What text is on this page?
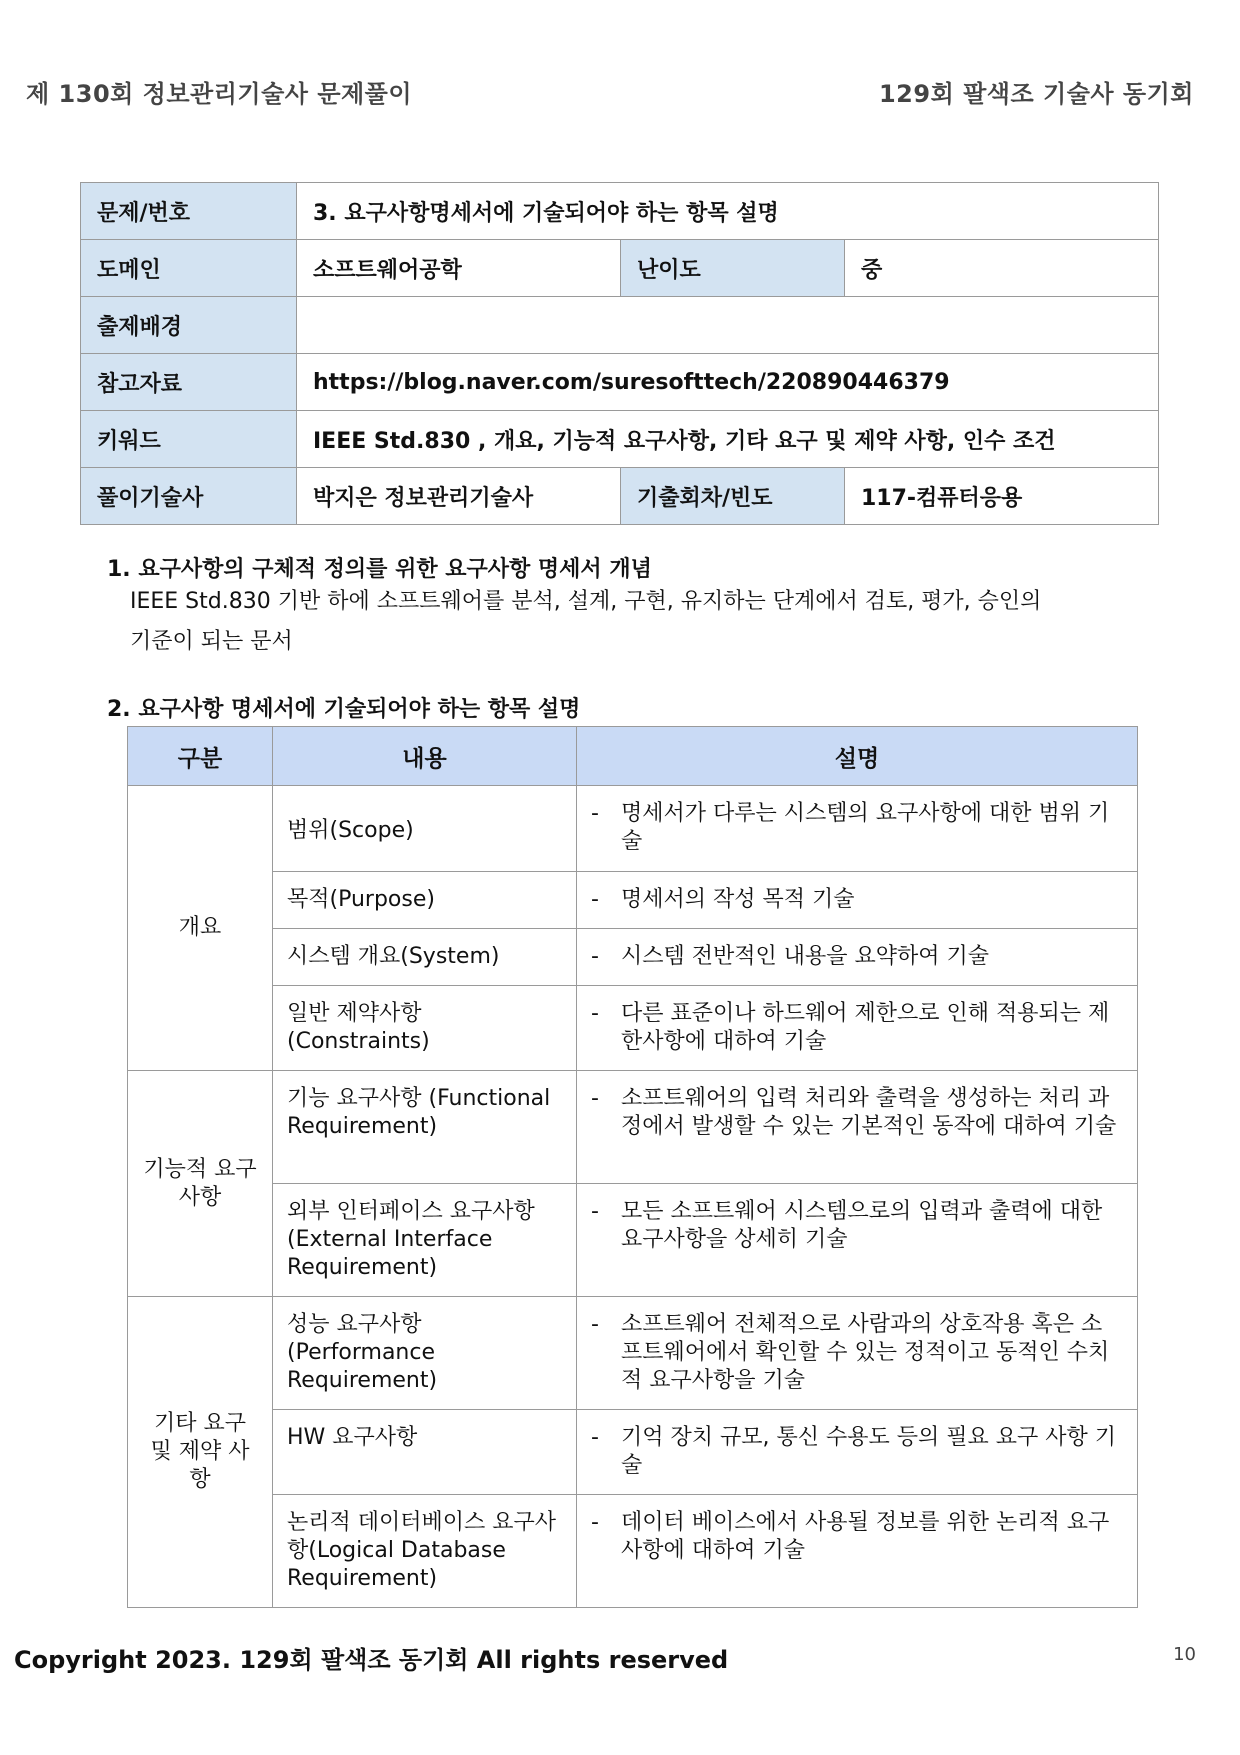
제 130회 정보관리기술사 문제풀이	129회 팔색조 기술사 동기회
문제/번호	3. 요구사항명세서에 기술되어야 하는 항목 설명		
도메인	소프트웨어공학	난이도	중
출제배경			
참고자료	https://blog.naver.com/suresofttech/220890446379		
키워드	IEEE Std.830 , 개요, 기능적 요구사항, 기타 요구 및 제약 사항, 인수 조건		
풀이기술사	박지은 정보관리기술사	기출회차/빈도	117-컴퓨터응용
1. 요구사항의 구체적 정의를 위한 요구사항 명세서 개념
IEEE Std.830 기반 하에 소프트웨어를 분석, 설계, 구현, 유지하는 단계에서 검토, 평가, 승인의
기준이 되는 문서
2. 요구사항 명세서에 기술되어야 하는 항목 설명
구분	내용	설명
개요	범위(Scope)	- 명세서가 다루는 시스템의 요구사항에 대한 범위 기술

	목적(Purpose)	- 명세서의 작성 목적 기술

	시스템 개요(System)	- 시스템 전반적인 내용을 요약하여 기술

	일반 제약사항 (Constraints)	- 다른 표준이나 하드웨어 제한으로 인해 적용되는 제한사항에 대하여 기술

기능적 요구사항	기능 요구사항 (Functional Requirement)	- 소프트웨어의 입력 처리와 출력을 생성하는 처리 과정에서 발생할 수 있는 기본적인 동작에 대하여 기술

	외부 인터페이스 요구사항 (External Interface Requirement)	- 모든 소프트웨어 시스템으로의 입력과 출력에 대한 요구사항을 상세히 기술

기타 요구 및 제약 사항	성능 요구사항 (Performance Requirement)	- 소프트웨어 전체적으로 사람과의 상호작용 혹은 소프트웨어에서 확인할 수 있는 정적이고 동적인 수치적 요구사항을 기술

	HW 요구사항	- 기억 장치 규모, 통신 수용도 등의 필요 요구 사항 기술

	논리적 데이터베이스 요구사항(Logical Database Requirement)	- 데이터 베이스에서 사용될 정보를 위한 논리적 요구사항에 대하여 기술
Copyright 2023. 129회 팔색조 동기회 All rights reserved	10
